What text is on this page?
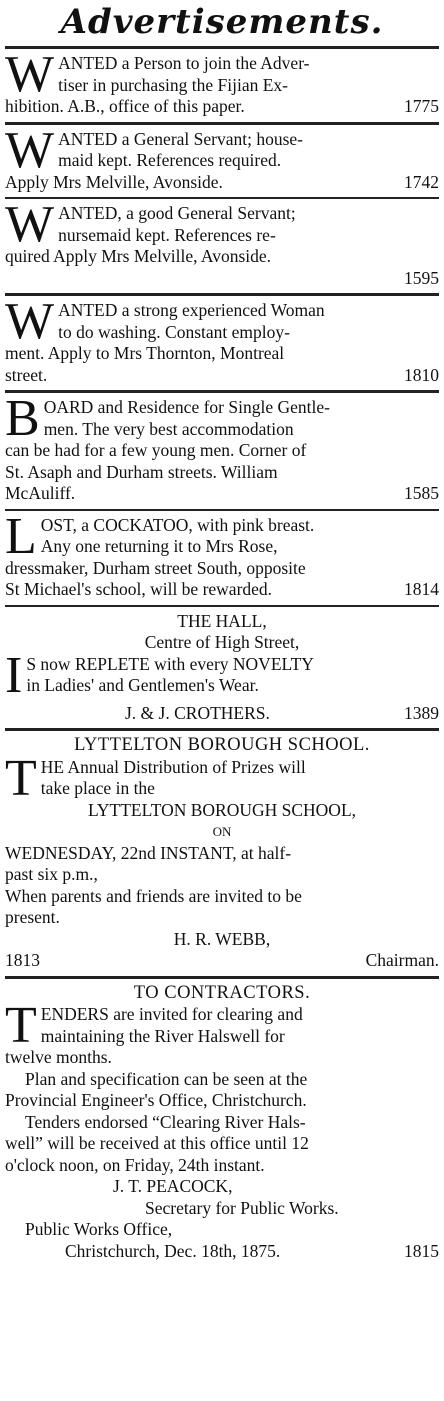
Advertisements.
W ANTED a Person to join the Adver-

tiser in purchasing the Fijian Ex-

hibition. A.B., office of this paper.	1775

W ANTED a General Servant; house-

maid kept. References required.

Apply Mrs Melville, Avonside.	1742

W ANTED, a good General Servant;

nursemaid kept. References re-

quired Apply Mrs Melville, Avonside.

1595

W ANTED a strong experienced Woman

to do washing. Constant employ-

ment. Apply to Mrs Thornton, Montreal

street.	1810

B OARD and Residence for Single Gentle-

men. The very best accommodation

can be had for a few young men. Corner of

St. Asaph and Durham streets. William

McAuliff.	1585

L OST, a COCKATOO, with pink breast.

Any one returning it to Mrs Rose,

dressmaker, Durham street South, opposite

St Michael's school, will be rewarded.	1814

THE HALL,

Centre of High Street,

I S now REPLETE with every NOVELTY

in Ladies' and Gentlemen's Wear.

J. & J. CROTHERS.	1389

LYTTELTON BOROUGH SCHOOL.

T HE Annual Distribution of Prizes will

take place in the

LYTTELTON BOROUGH SCHOOL,

ON

WEDNESDAY, 22nd INSTANT, at half-

past six p.m.,

When parents and friends are invited to be

present.

H. R. WEBB,

1813	Chairman.

TO CONTRACTORS.

T ENDERS are invited for clearing and

maintaining the River Halswell for

twelve months.

Plan and specification can be seen at the

Provincial Engineer's Office, Christchurch.

Tenders endorsed “Clearing River Hals-

well” will be received at this office until 12

o'clock noon, on Friday, 24th instant.

J. T. PEACOCK,

Secretary for Public Works.

Public Works Office,

Christchurch, Dec. 18th, 1875.	1815
